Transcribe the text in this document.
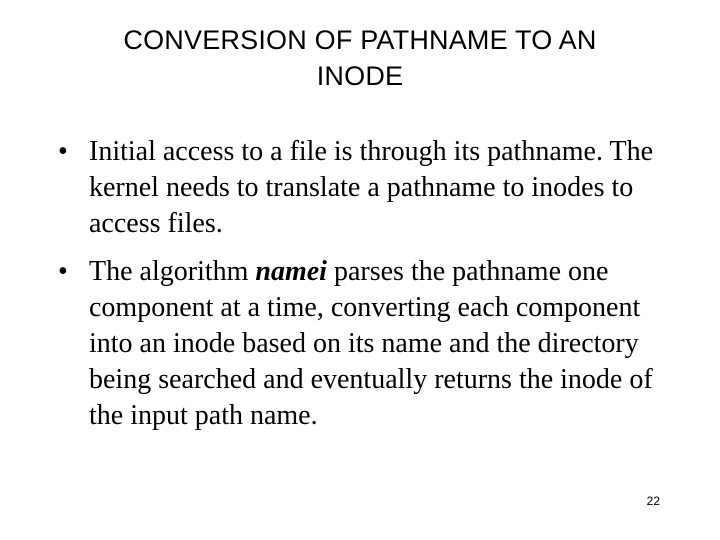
CONVERSION OF PATHNAME TO AN
INODE
• Initial access to a file is through its pathname. The kernel needs to translate a pathname to inodes to access files.
• The algorithm namei parses the pathname one component at a time, converting each component into an inode based on its name and the directory being searched and eventually returns the inode of the input path name.
22
